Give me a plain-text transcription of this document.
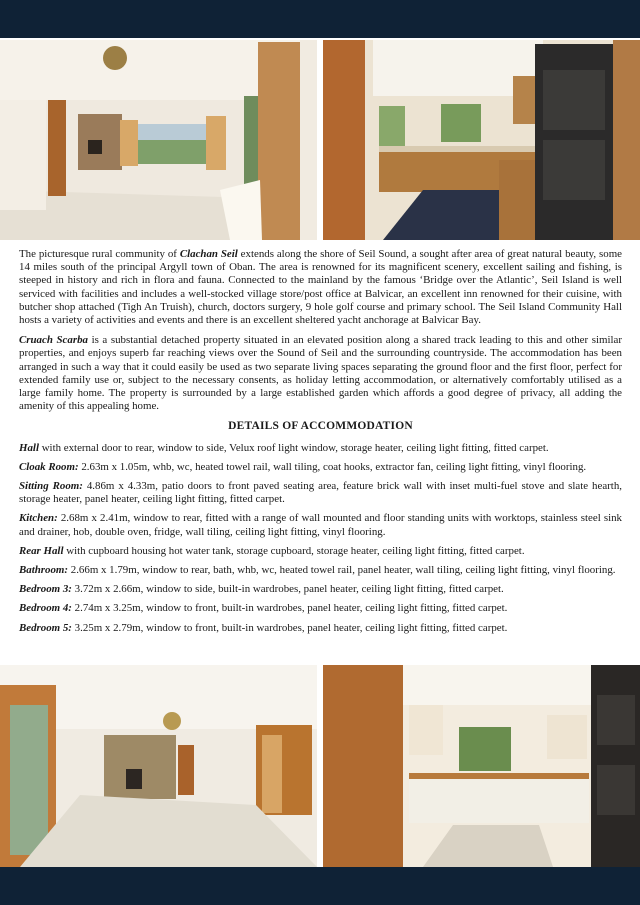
The picturesque rural community of Clachan Seil extends along the shore of Seil Sound, a sought after area of great natural beauty, some 14 miles south of the principal Argyll town of Oban. The area is renowned for its magnificent scenery, excellent sailing and fishing, is steeped in history and rich in flora and fauna. Connected to the mainland by the famous ‘Bridge over the Atlantic’, Seil Island is well serviced with facilities and includes a well-stocked village store/post office at Balvicar, an excellent inn renowned for their cuisine, with butcher shop attached (Tigh An Truish), church, doctors surgery, 9 hole golf course and primary school. The Seil Island Community Hall hosts a variety of activities and events and there is an excellent sheltered yacht anchorage at Balvicar Bay.

Cruach Scarba is a substantial detached property situated in an elevated position along a shared track leading to this and other similar properties, and enjoys superb far reaching views over the Sound of Seil and the surrounding countryside. The accommodation has been arranged in such a way that it could easily be used as two separate living spaces separating the ground floor and the first floor, perfect for extended family use or, subject to the necessary consents, as holiday letting accommodation, or alternatively comfortably utilised as a large family home. The property is surrounded by a large established garden which affords a good degree of privacy, all adding the amenity of this appealing home.

DETAILS OF ACCOMMODATION
Hall with external door to rear, window to side, Velux roof light window, storage heater, ceiling light fitting, fitted carpet.
Cloak Room: 2.63m x 1.05m, whb, wc, heated towel rail, wall tiling, coat hooks, extractor fan, ceiling light fitting, vinyl flooring.
Sitting Room: 4.86m x 4.33m, patio doors to front paved seating area, feature brick wall with inset multi-fuel stove and slate hearth, storage heater, panel heater, ceiling light fitting, fitted carpet.
Kitchen: 2.68m x 2.41m, window to rear, fitted with a range of wall mounted and floor standing units with worktops, stainless steel sink and drainer, hob, double oven, fridge, wall tiling, ceiling light fitting, vinyl flooring.
Rear Hall with cupboard housing hot water tank, storage cupboard, storage heater, ceiling light fitting, fitted carpet.
Bathroom: 2.66m x 1.79m, window to rear, bath, whb, wc, heated towel rail, panel heater, wall tiling, ceiling light fitting, vinyl flooring.
Bedroom 3: 3.72m x 2.66m, window to side, built-in wardrobes, panel heater, ceiling light fitting, fitted carpet.
Bedroom 4: 2.74m x 3.25m, window to front, built-in wardrobes, panel heater, ceiling light fitting, fitted carpet.
Bedroom 5: 3.25m x 2.79m, window to front, built-in wardrobes, panel heater, ceiling light fitting, fitted carpet.
